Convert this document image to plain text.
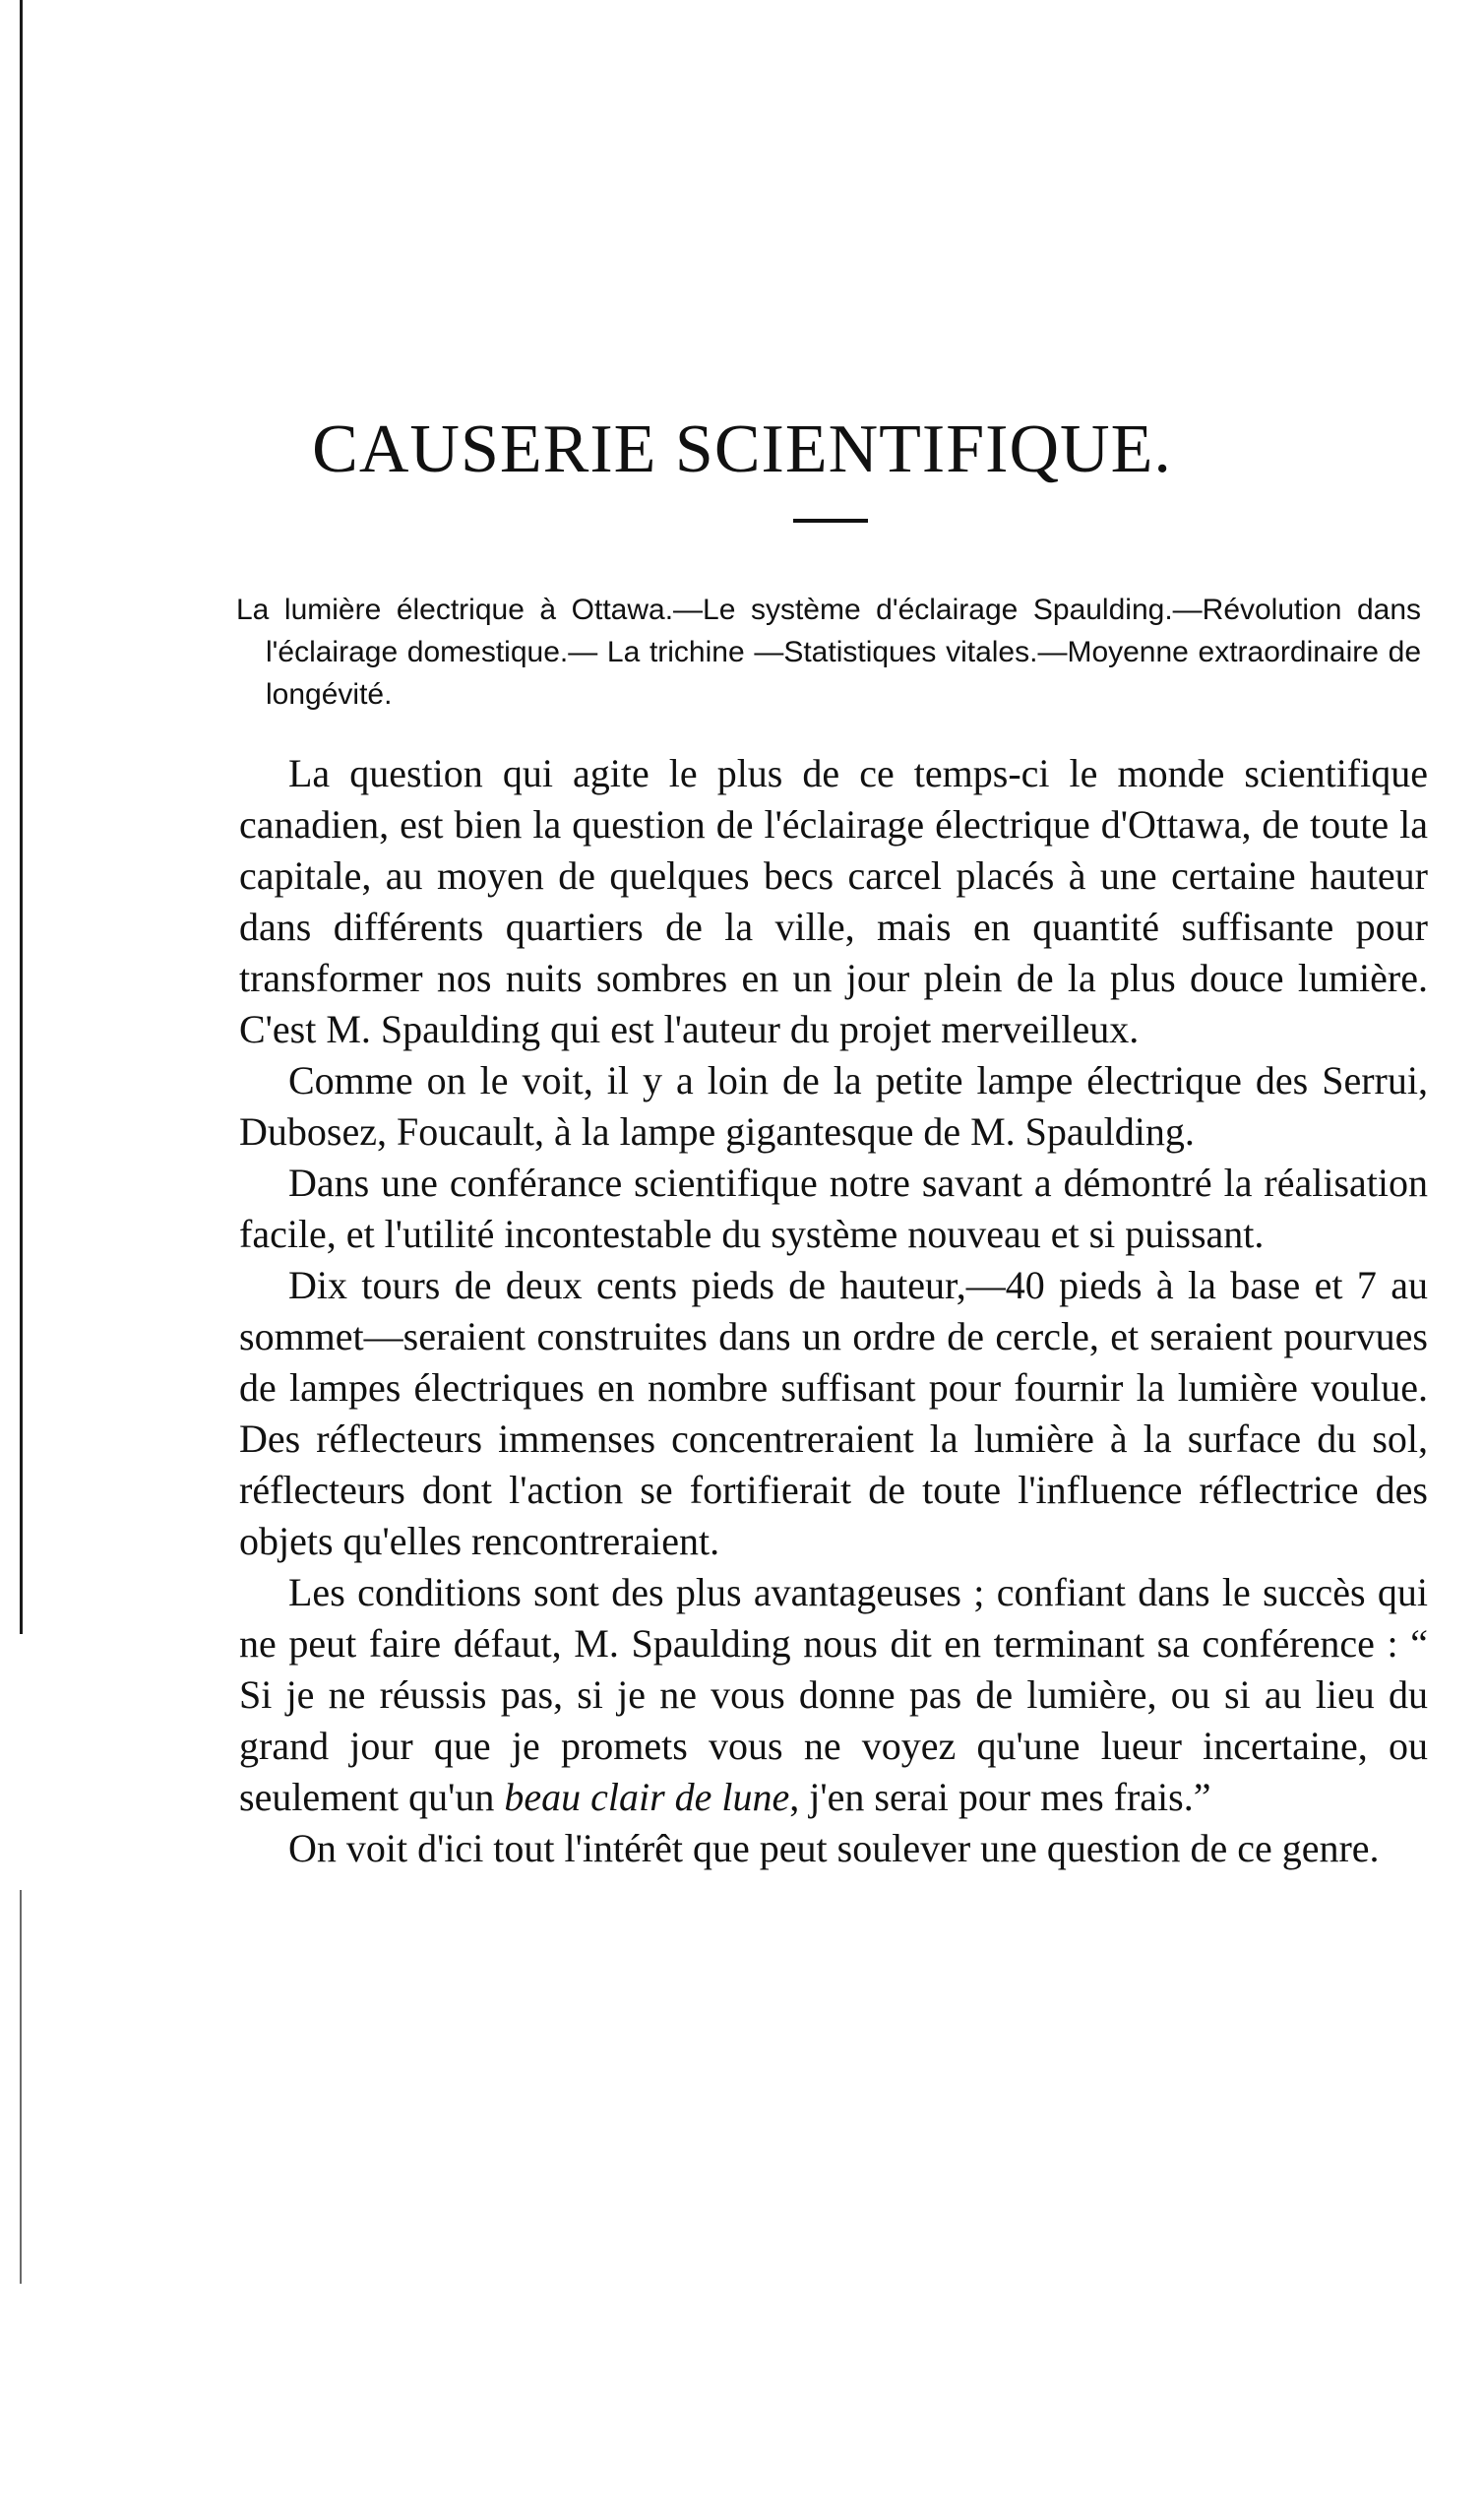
CAUSERIE SCIENTIFIQUE.
La lumière électrique à Ottawa.—Le système d'éclairage Spaulding.—Révolution dans l'éclairage domestique.— La trichine —Statistiques vitales.—Moyenne extraordinaire de longévité.

La question qui agite le plus de ce temps-ci le monde scientifique canadien, est bien la question de l'éclairage électrique d'Ottawa, de toute la capitale, au moyen de quelques becs carcel placés à une certaine hauteur dans différents quartiers de la ville, mais en quantité suffisante pour transformer nos nuits sombres en un jour plein de la plus douce lumière. C'est M. Spaulding qui est l'auteur du projet merveilleux.

Comme on le voit, il y a loin de la petite lampe électrique des Serrui, Dubosez, Foucault, à la lampe gigantesque de M. Spaulding.

Dans une conférance scientifique notre savant a démontré la réalisation facile, et l'utilité incontestable du système nouveau et si puissant.

Dix tours de deux cents pieds de hauteur,—40 pieds à la base et 7 au sommet—seraient construites dans un ordre de cercle, et seraient pourvues de lampes électriques en nombre suffisant pour fournir la lumière voulue. Des réflecteurs immenses concentreraient la lumière à la surface du sol, réflecteurs dont l'action se fortifierait de toute l'influence réflectrice des objets qu'elles rencontreraient.

Les conditions sont des plus avantageuses ; confiant dans le succès qui ne peut faire défaut, M. Spaulding nous dit en terminant sa conférence : “ Si je ne réussis pas, si je ne vous donne pas de lumière, ou si au lieu du grand jour que je promets vous ne voyez qu'une lueur incertaine, ou seulement qu'un beau clair de lune, j'en serai pour mes frais.”

On voit d'ici tout l'intérêt que peut soulever une question de ce genre.
